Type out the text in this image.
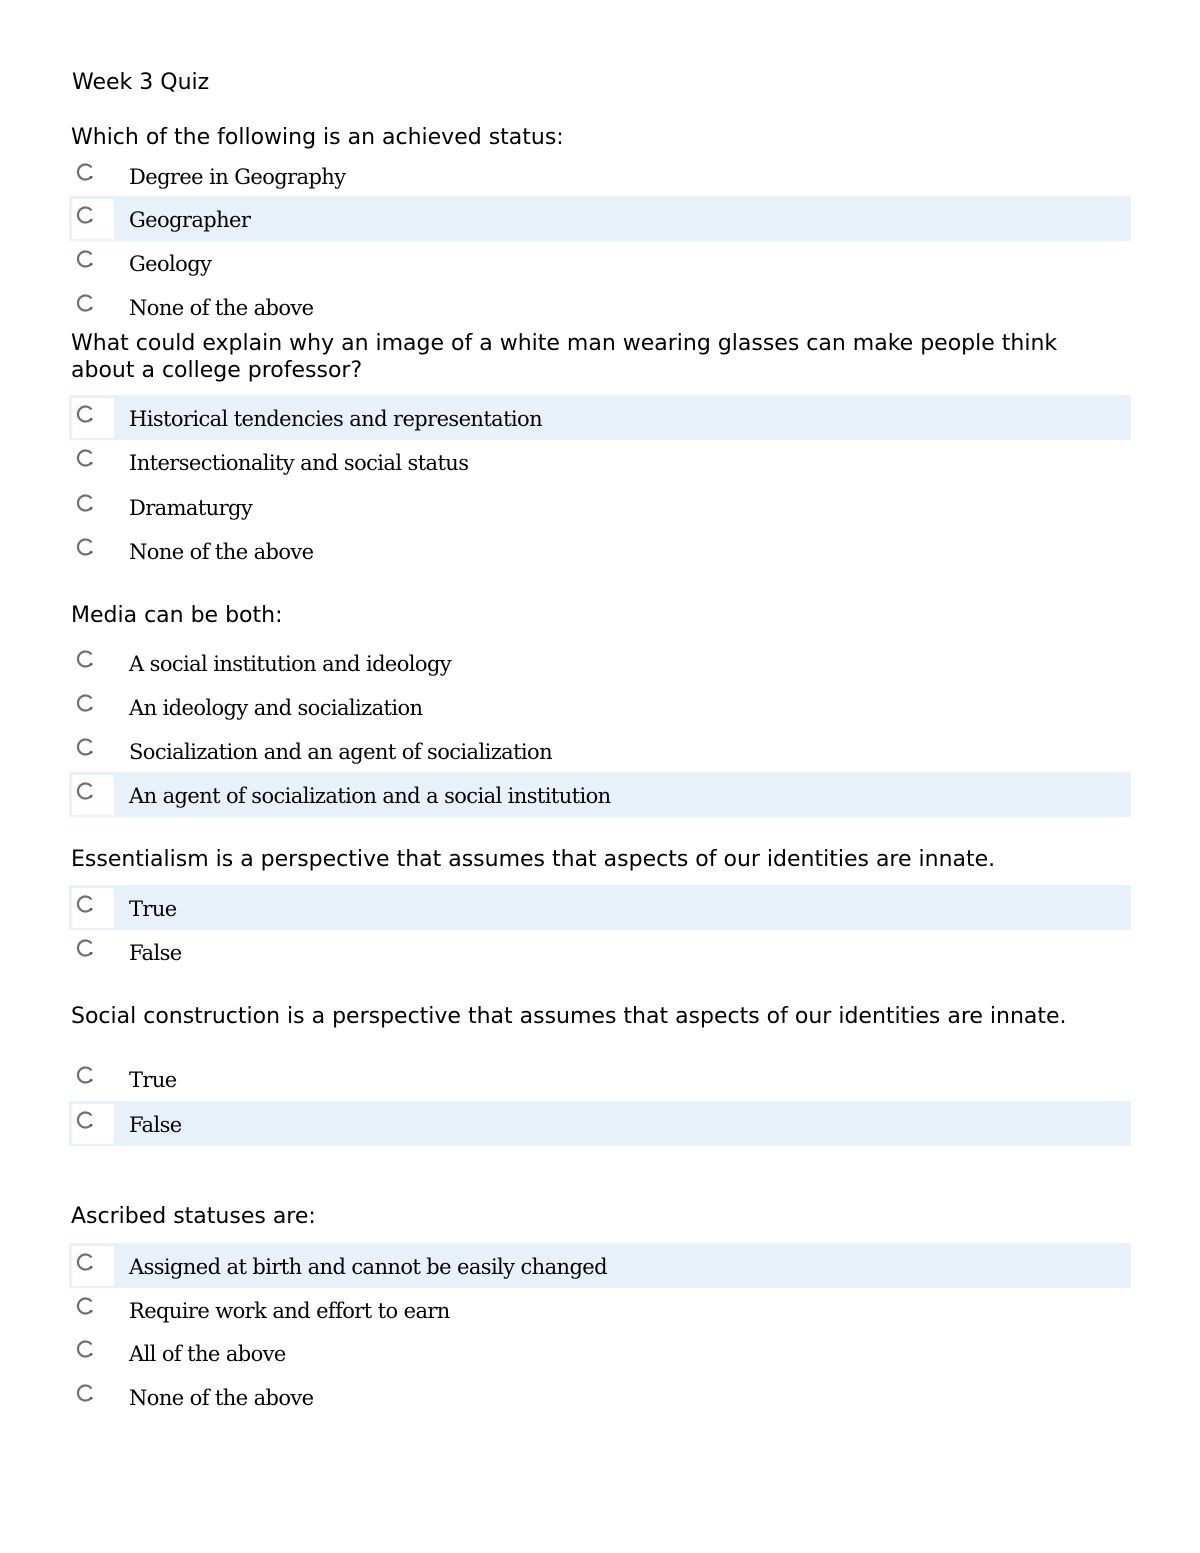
Week 3 Quiz
Which of the following is an achieved status:
Degree in Geography
Geographer
Geology
None of the above
What could explain why an image of a white man wearing glasses can make people think about a college professor?
Historical tendencies and representation
Intersectionality and social status
Dramaturgy
None of the above
Media can be both:
A social institution and ideology
An ideology and socialization
Socialization and an agent of socialization
An agent of socialization and a social institution
Essentialism is a perspective that assumes that aspects of our identities are innate.
True
False
Social construction is a perspective that assumes that aspects of our identities are innate.
True
False
Ascribed statuses are:
Assigned at birth and cannot be easily changed
Require work and effort to earn
All of the above
None of the above
